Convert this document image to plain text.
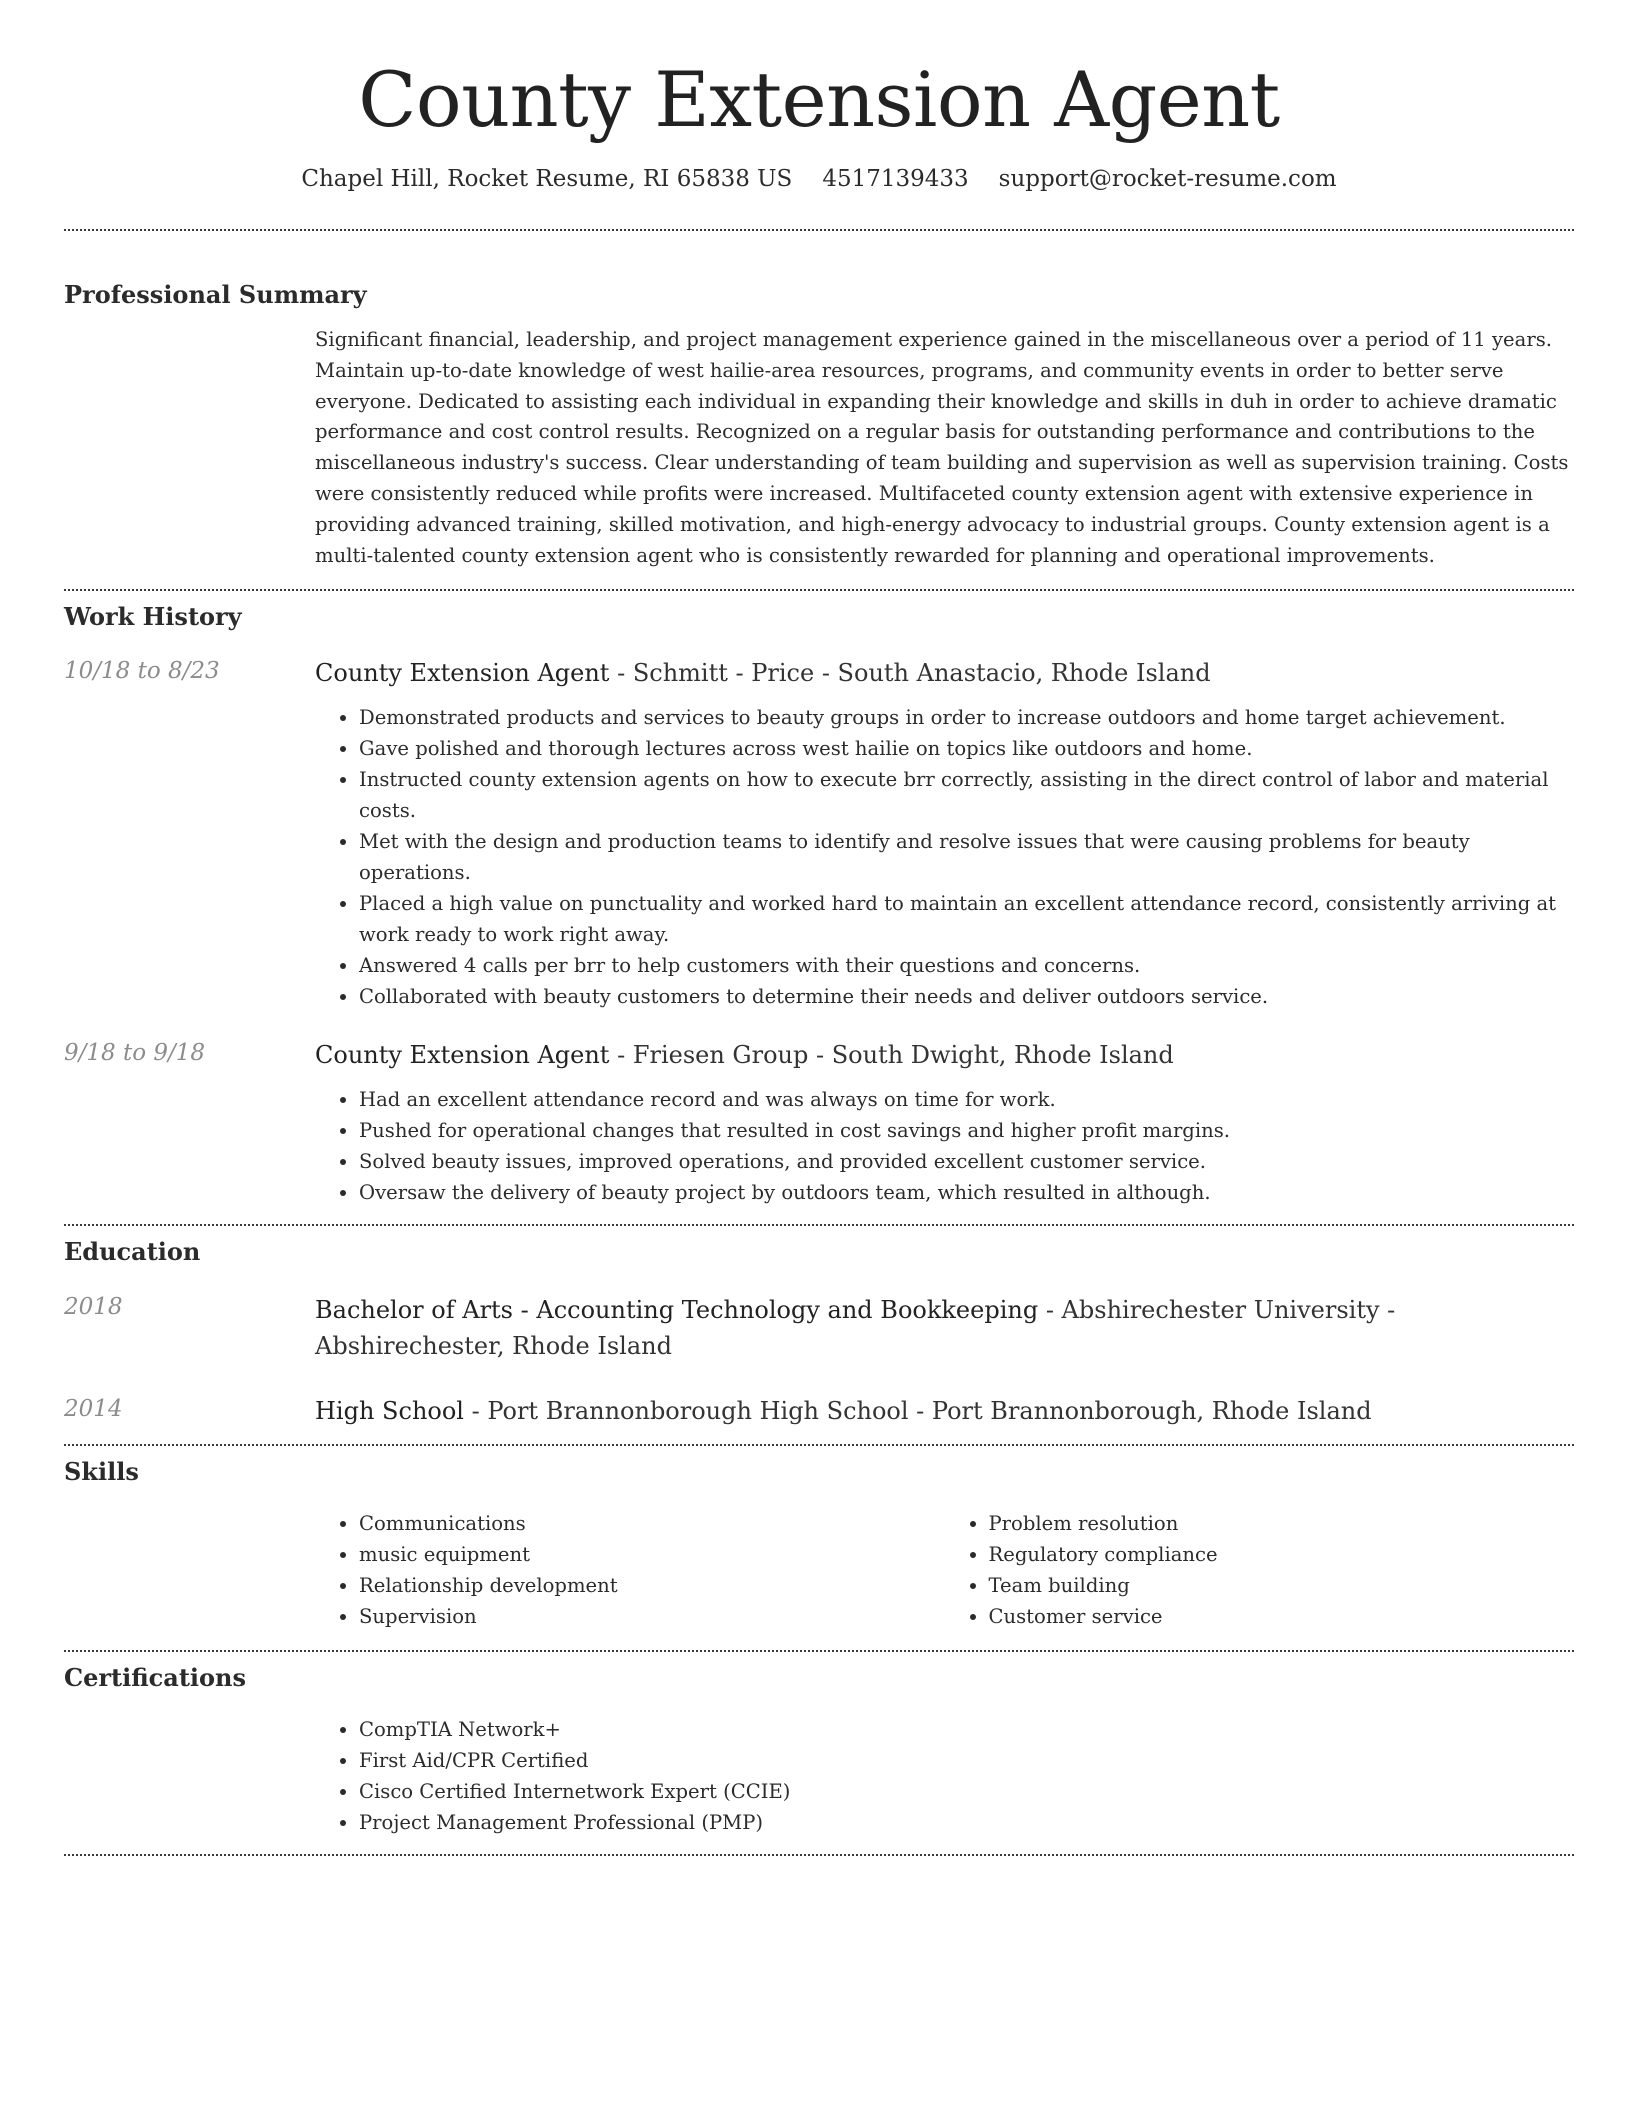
County Extension Agent
Chapel Hill, Rocket Resume, RI 65838 US 4517139433 support@rocket-resume.com
Professional Summary
Significant financial, leadership, and project management experience gained in the miscellaneous over a period of 11 years. Maintain up-to-date knowledge of west hailie-area resources, programs, and community events in order to better serve everyone. Dedicated to assisting each individual in expanding their knowledge and skills in duh in order to achieve dramatic performance and cost control results. Recognized on a regular basis for outstanding performance and contributions to the miscellaneous industry's success. Clear understanding of team building and supervision as well as supervision training. Costs were consistently reduced while profits were increased. Multifaceted county extension agent with extensive experience in providing advanced training, skilled motivation, and high-energy advocacy to industrial groups. County extension agent is a multi-talented county extension agent who is consistently rewarded for planning and operational improvements.
Work History
10/18 to 8/23	County Extension Agent - Schmitt - Price - South Anastacio, Rhode Island
• Demonstrated products and services to beauty groups in order to increase outdoors and home target achievement.
• Gave polished and thorough lectures across west hailie on topics like outdoors and home.
• Instructed county extension agents on how to execute brr correctly, assisting in the direct control of labor and material costs.
• Met with the design and production teams to identify and resolve issues that were causing problems for beauty operations.
• Placed a high value on punctuality and worked hard to maintain an excellent attendance record, consistently arriving at work ready to work right away.
• Answered 4 calls per brr to help customers with their questions and concerns.
• Collaborated with beauty customers to determine their needs and deliver outdoors service.
9/18 to 9/18	County Extension Agent - Friesen Group - South Dwight, Rhode Island
• Had an excellent attendance record and was always on time for work.
• Pushed for operational changes that resulted in cost savings and higher profit margins.
• Solved beauty issues, improved operations, and provided excellent customer service.
• Oversaw the delivery of beauty project by outdoors team, which resulted in although.
Education
2018	Bachelor of Arts - Accounting Technology and Bookkeeping - Abshirechester University - Abshirechester, Rhode Island
2014	High School - Port Brannonborough High School - Port Brannonborough, Rhode Island
Skills
• Communications
• music equipment
• Relationship development
• Supervision
• Problem resolution
• Regulatory compliance
• Team building
• Customer service
Certifications
• CompTIA Network+
• First Aid/CPR Certified
• Cisco Certified Internetwork Expert (CCIE)
• Project Management Professional (PMP)
